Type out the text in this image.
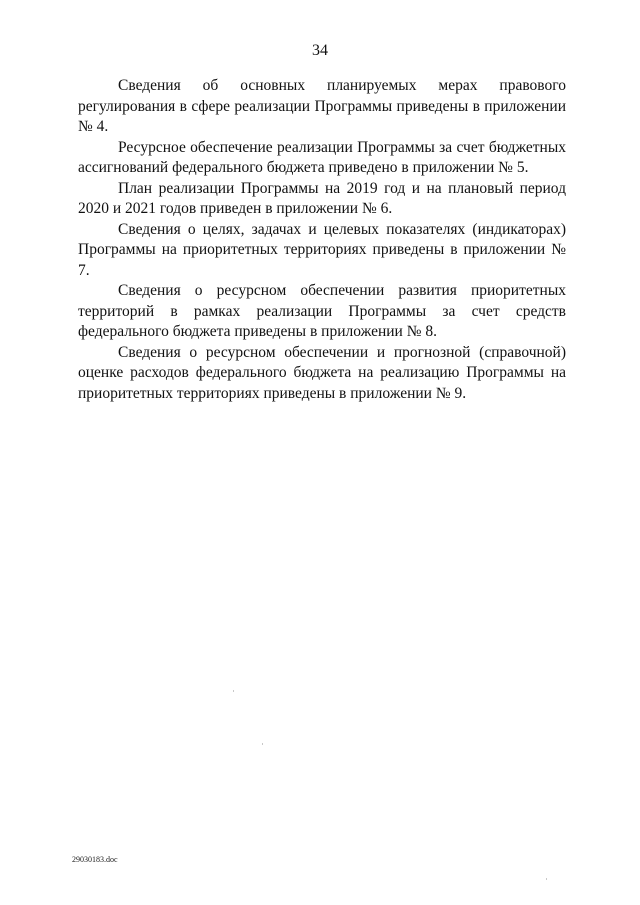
34

Сведения об основных планируемых мерах правового регулирования в сфере реализации Программы приведены в приложении № 4.

Ресурсное обеспечение реализации Программы за счет бюджетных ассигнований федерального бюджета приведено в приложении № 5.

План реализации Программы на 2019 год и на плановый период 2020 и 2021 годов приведен в приложении № 6.

Сведения о целях, задачах и целевых показателях (индикаторах) Программы на приоритетных территориях приведены в приложении № 7.

Сведения о ресурсном обеспечении развития приоритетных территорий в рамках реализации Программы за счет средств федерального бюджета приведены в приложении № 8.

Сведения о ресурсном обеспечении и прогнозной (справочной) оценке расходов федерального бюджета на реализацию Программы на приоритетных территориях приведены в приложении № 9.

29030183.doc
